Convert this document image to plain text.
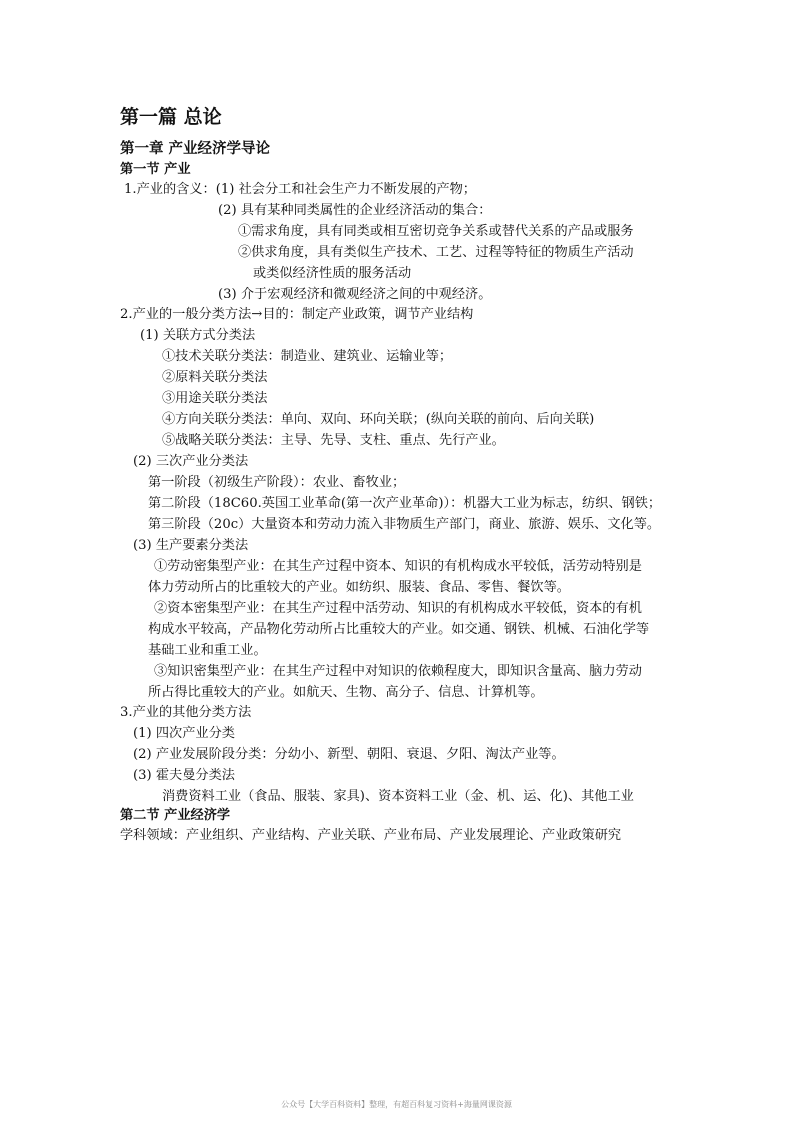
第一篇 总论
第一章 产业经济学导论
第一节 产业
1.产业的含义：(1) 社会分工和社会生产力不断发展的产物；
(2) 具有某种同类属性的企业经济活动的集合：
①需求角度，具有同类或相互密切竞争关系或替代关系的产品或服务
②供求角度，具有类似生产技术、工艺、过程等特征的物质生产活动
或类似经济性质的服务活动
(3) 介于宏观经济和微观经济之间的中观经济。
2.产业的一般分类方法→目的：制定产业政策，调节产业结构
(1) 关联方式分类法
①技术关联分类法：制造业、建筑业、运输业等；
②原料关联分类法
③用途关联分类法
④方向关联分类法：单向、双向、环向关联；(纵向关联的前向、后向关联)
⑤战略关联分类法：主导、先导、支柱、重点、先行产业。
(2) 三次产业分类法
第一阶段（初级生产阶段）：农业、畜牧业；
第二阶段（18C60.英国工业革命(第一次产业革命)）：机器大工业为标志，纺织、钢铁；
第三阶段（20c）大量资本和劳动力流入非物质生产部门，商业、旅游、娱乐、文化等。
(3) 生产要素分类法
①劳动密集型产业：在其生产过程中资本、知识的有机构成水平较低，活劳动特别是
体力劳动所占的比重较大的产业。如纺织、服装、食品、零售、餐饮等。
②资本密集型产业：在其生产过程中活劳动、知识的有机构成水平较低，资本的有机
构成水平较高，产品物化劳动所占比重较大的产业。如交通、钢铁、机械、石油化学等
基础工业和重工业。
③知识密集型产业：在其生产过程中对知识的依赖程度大，即知识含量高、脑力劳动
所占得比重较大的产业。如航天、生物、高分子、信息、计算机等。
3.产业的其他分类方法
(1) 四次产业分类
(2) 产业发展阶段分类：分幼小、新型、朝阳、衰退、夕阳、淘汰产业等。
(3) 霍夫曼分类法
消费资料工业（食品、服装、家具)、资本资料工业（金、机、运、化)、其他工业
第二节 产业经济学
学科领域：产业组织、产业结构、产业关联、产业布局、产业发展理论、产业政策研究
公众号【大学百科资料】整理，有超百科复习资料+海量网课资源
